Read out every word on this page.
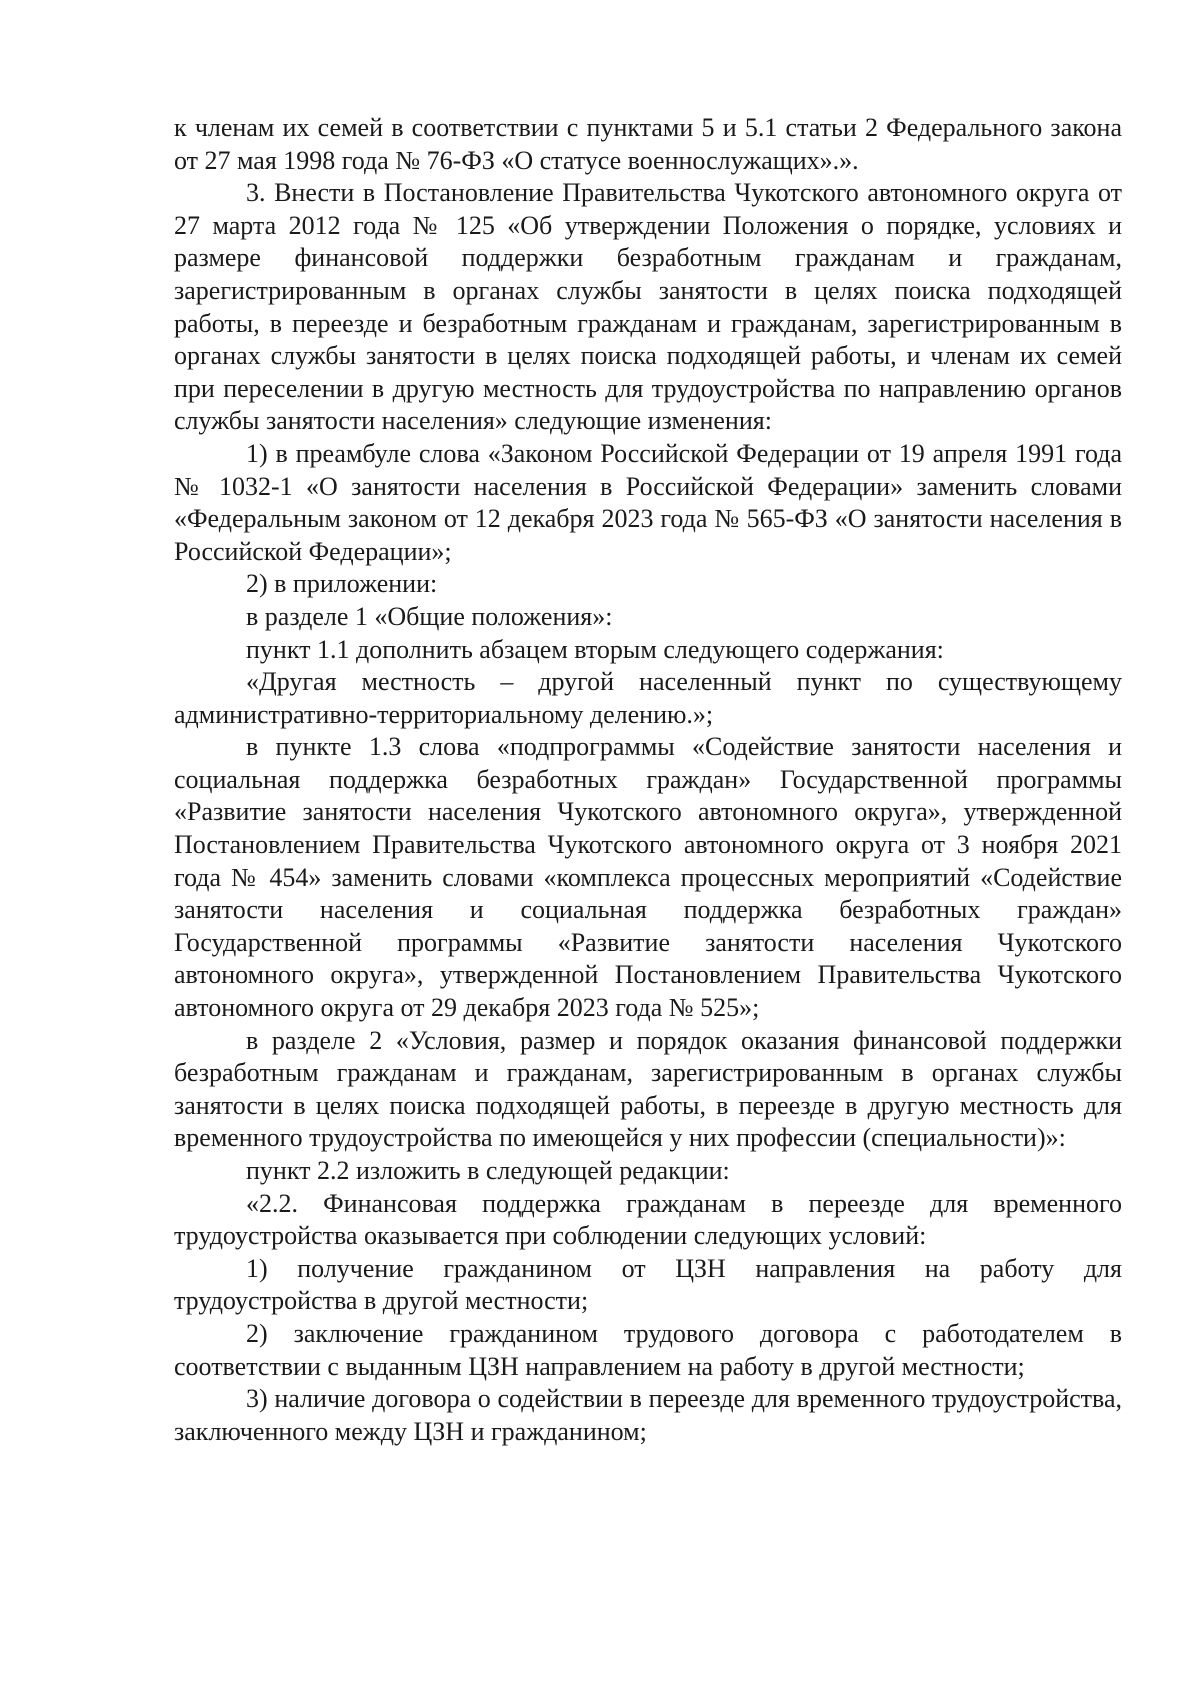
к членам их семей в соответствии с пунктами 5 и 5.1 статьи 2 Федерального закона от 27 мая 1998 года № 76-ФЗ «О статусе военнослужащих».».

3. Внести в Постановление Правительства Чукотского автономного округа от 27 марта 2012 года № 125 «Об утверждении Положения о порядке, условиях и размере финансовой поддержки безработным гражданам и гражданам, зарегистрированным в органах службы занятости в целях поиска подходящей работы, в переезде и безработным гражданам и гражданам, зарегистрированным в органах службы занятости в целях поиска подходящей работы, и членам их семей при переселении в другую местность для трудоустройства по направлению органов службы занятости населения» следующие изменения:

1) в преамбуле слова «Законом Российской Федерации от 19 апреля 1991 года № 1032-1 «О занятости населения в Российской Федерации» заменить словами «Федеральным законом от 12 декабря 2023 года № 565-ФЗ «О занятости населения в Российской Федерации»;

2) в приложении:

в разделе 1 «Общие положения»:

пункт 1.1 дополнить абзацем вторым следующего содержания:

«Другая местность – другой населенный пункт по существующему административно-территориальному делению.»;

в пункте 1.3 слова «подпрограммы «Содействие занятости населения и социальная поддержка безработных граждан» Государственной программы «Развитие занятости населения Чукотского автономного округа», утвержденной Постановлением Правительства Чукотского автономного округа от 3 ноября 2021 года № 454» заменить словами «комплекса процессных мероприятий «Содействие занятости населения и социальная поддержка безработных граждан» Государственной программы «Развитие занятости населения Чукотского автономного округа», утвержденной Постановлением Правительства Чукотского автономного округа от 29 декабря 2023 года № 525»;

в разделе 2 «Условия, размер и порядок оказания финансовой поддержки безработным гражданам и гражданам, зарегистрированным в органах службы занятости в целях поиска подходящей работы, в переезде в другую местность для временного трудоустройства по имеющейся у них профессии (специальности)»:

пункт 2.2 изложить в следующей редакции:

«2.2. Финансовая поддержка гражданам в переезде для временного трудоустройства оказывается при соблюдении следующих условий:

1) получение гражданином от ЦЗН направления на работу для трудоустройства в другой местности;

2) заключение гражданином трудового договора с работодателем в соответствии с выданным ЦЗН направлением на работу в другой местности;

3) наличие договора о содействии в переезде для временного трудоустройства, заключенного между ЦЗН и гражданином;
